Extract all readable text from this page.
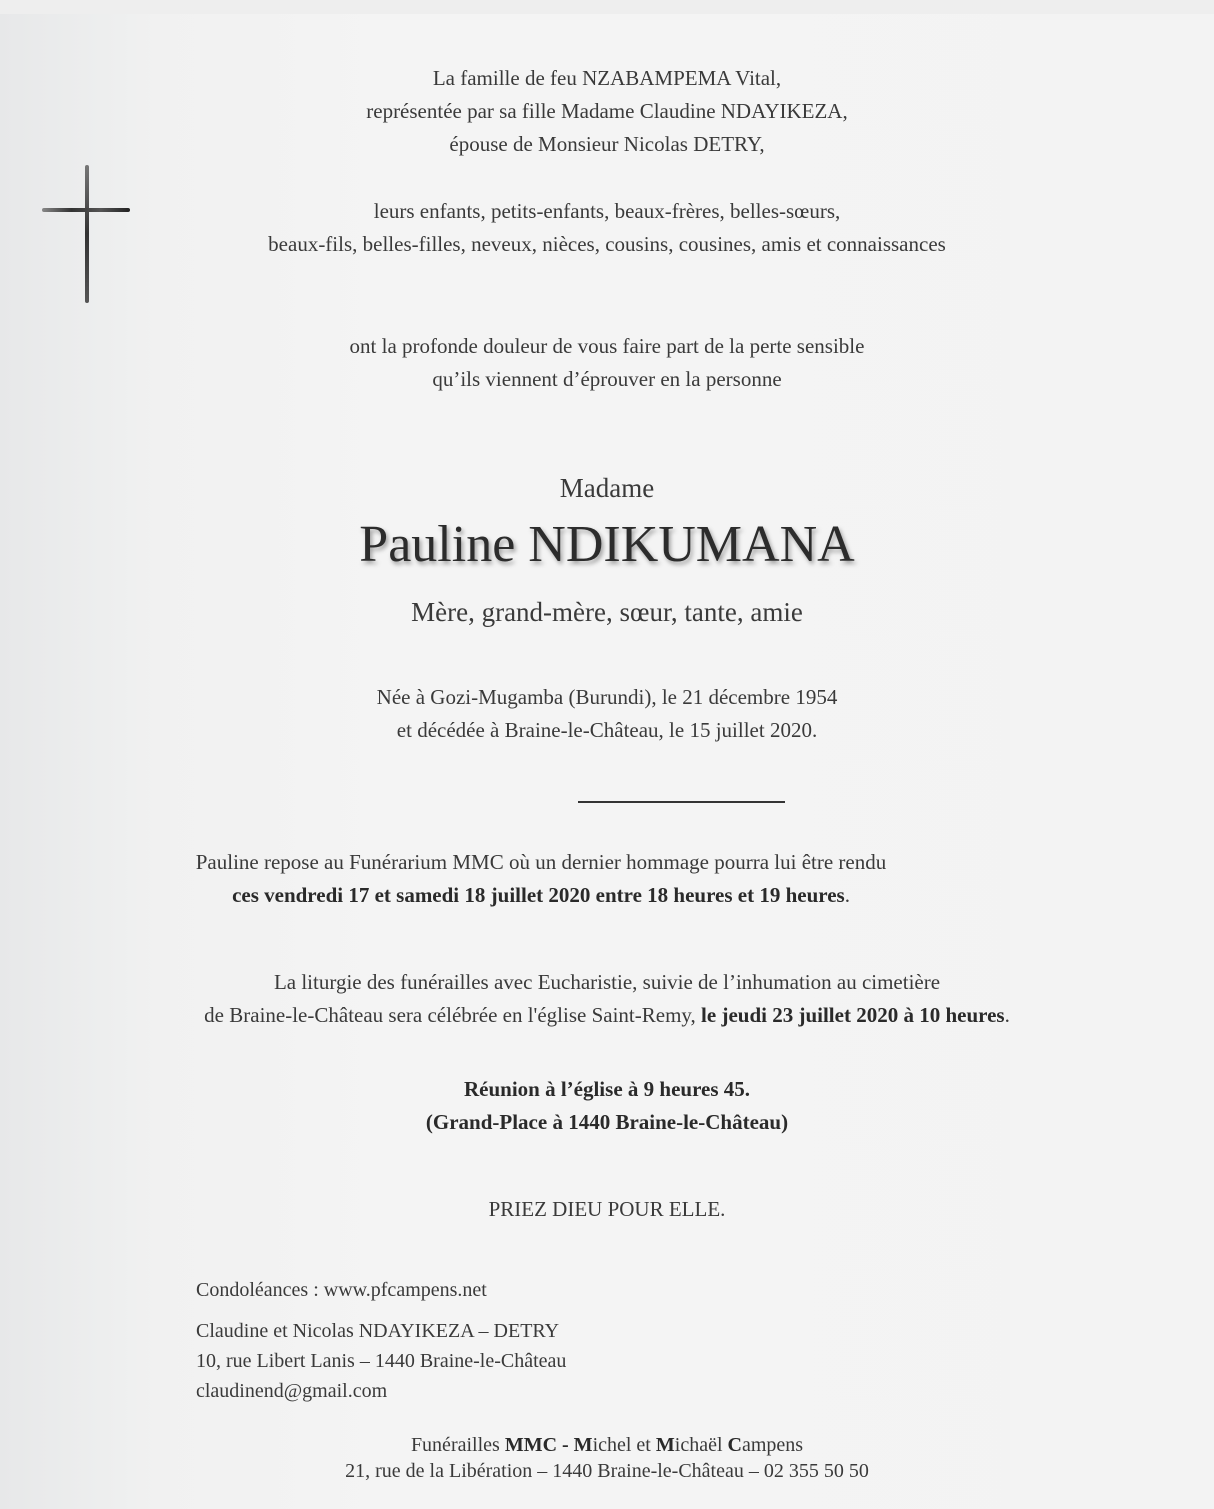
La famille de feu NZABAMPEMA Vital,
représentée par sa fille Madame Claudine NDAYIKEZA,
épouse de Monsieur Nicolas DETRY,
leurs enfants, petits-enfants, beaux-frères, belles-sœurs,
beaux-fils, belles-filles, neveux, nièces, cousins, cousines, amis et connaissances
ont la profonde douleur de vous faire part de la perte sensible
qu’ils viennent d’éprouver en la personne
Madame
Pauline NDIKUMANA
Mère, grand-mère, sœur, tante, amie
Née à Gozi-Mugamba (Burundi), le 21 décembre 1954
et décédée à Braine-le-Château, le 15 juillet 2020.
Pauline repose au Funérarium MMC où un dernier hommage pourra lui être rendu
ces vendredi 17 et samedi 18 juillet 2020 entre 18 heures et 19 heures.
La liturgie des funérailles avec Eucharistie, suivie de l’inhumation au cimetière
de Braine-le-Château sera célébrée en l'église Saint-Remy, le jeudi 23 juillet 2020 à 10 heures.
Réunion à l’église à 9 heures 45.
(Grand-Place à 1440 Braine-le-Château)
PRIEZ DIEU POUR ELLE.
Condoléances : www.pfcampens.net
Claudine et Nicolas NDAYIKEZA – DETRY
10, rue Libert Lanis – 1440 Braine-le-Château
claudinend@gmail.com
Funérailles MMC - Michel et Michaël Campens
21, rue de la Libération – 1440 Braine-le-Château – 02 355 50 50
